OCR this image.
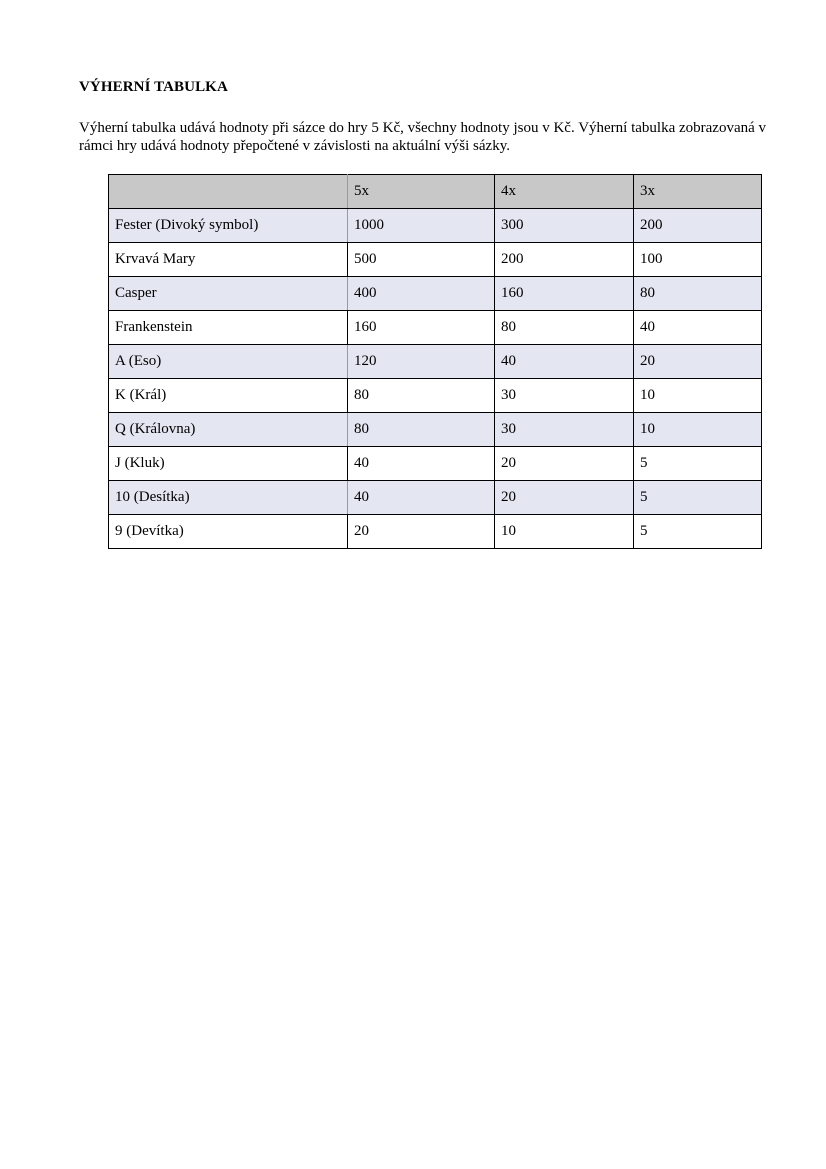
VÝHERNÍ TABULKA

Výherní tabulka udává hodnoty při sázce do hry 5 Kč, všechny hodnoty jsou v Kč. Výherní tabulka zobrazovaná v rámci hry udává hodnoty přepočtené v závislosti na aktuální výši sázky.

	5x	4x	3x
Fester (Divoký symbol)	1000	300	200
Krvavá Mary	500	200	100
Casper	400	160	80
Frankenstein	160	80	40
A (Eso)	120	40	20
K (Král)	80	30	10
Q (Královna)	80	30	10
J (Kluk)	40	20	5
10 (Desítka)	40	20	5
9 (Devítka)	20	10	5
